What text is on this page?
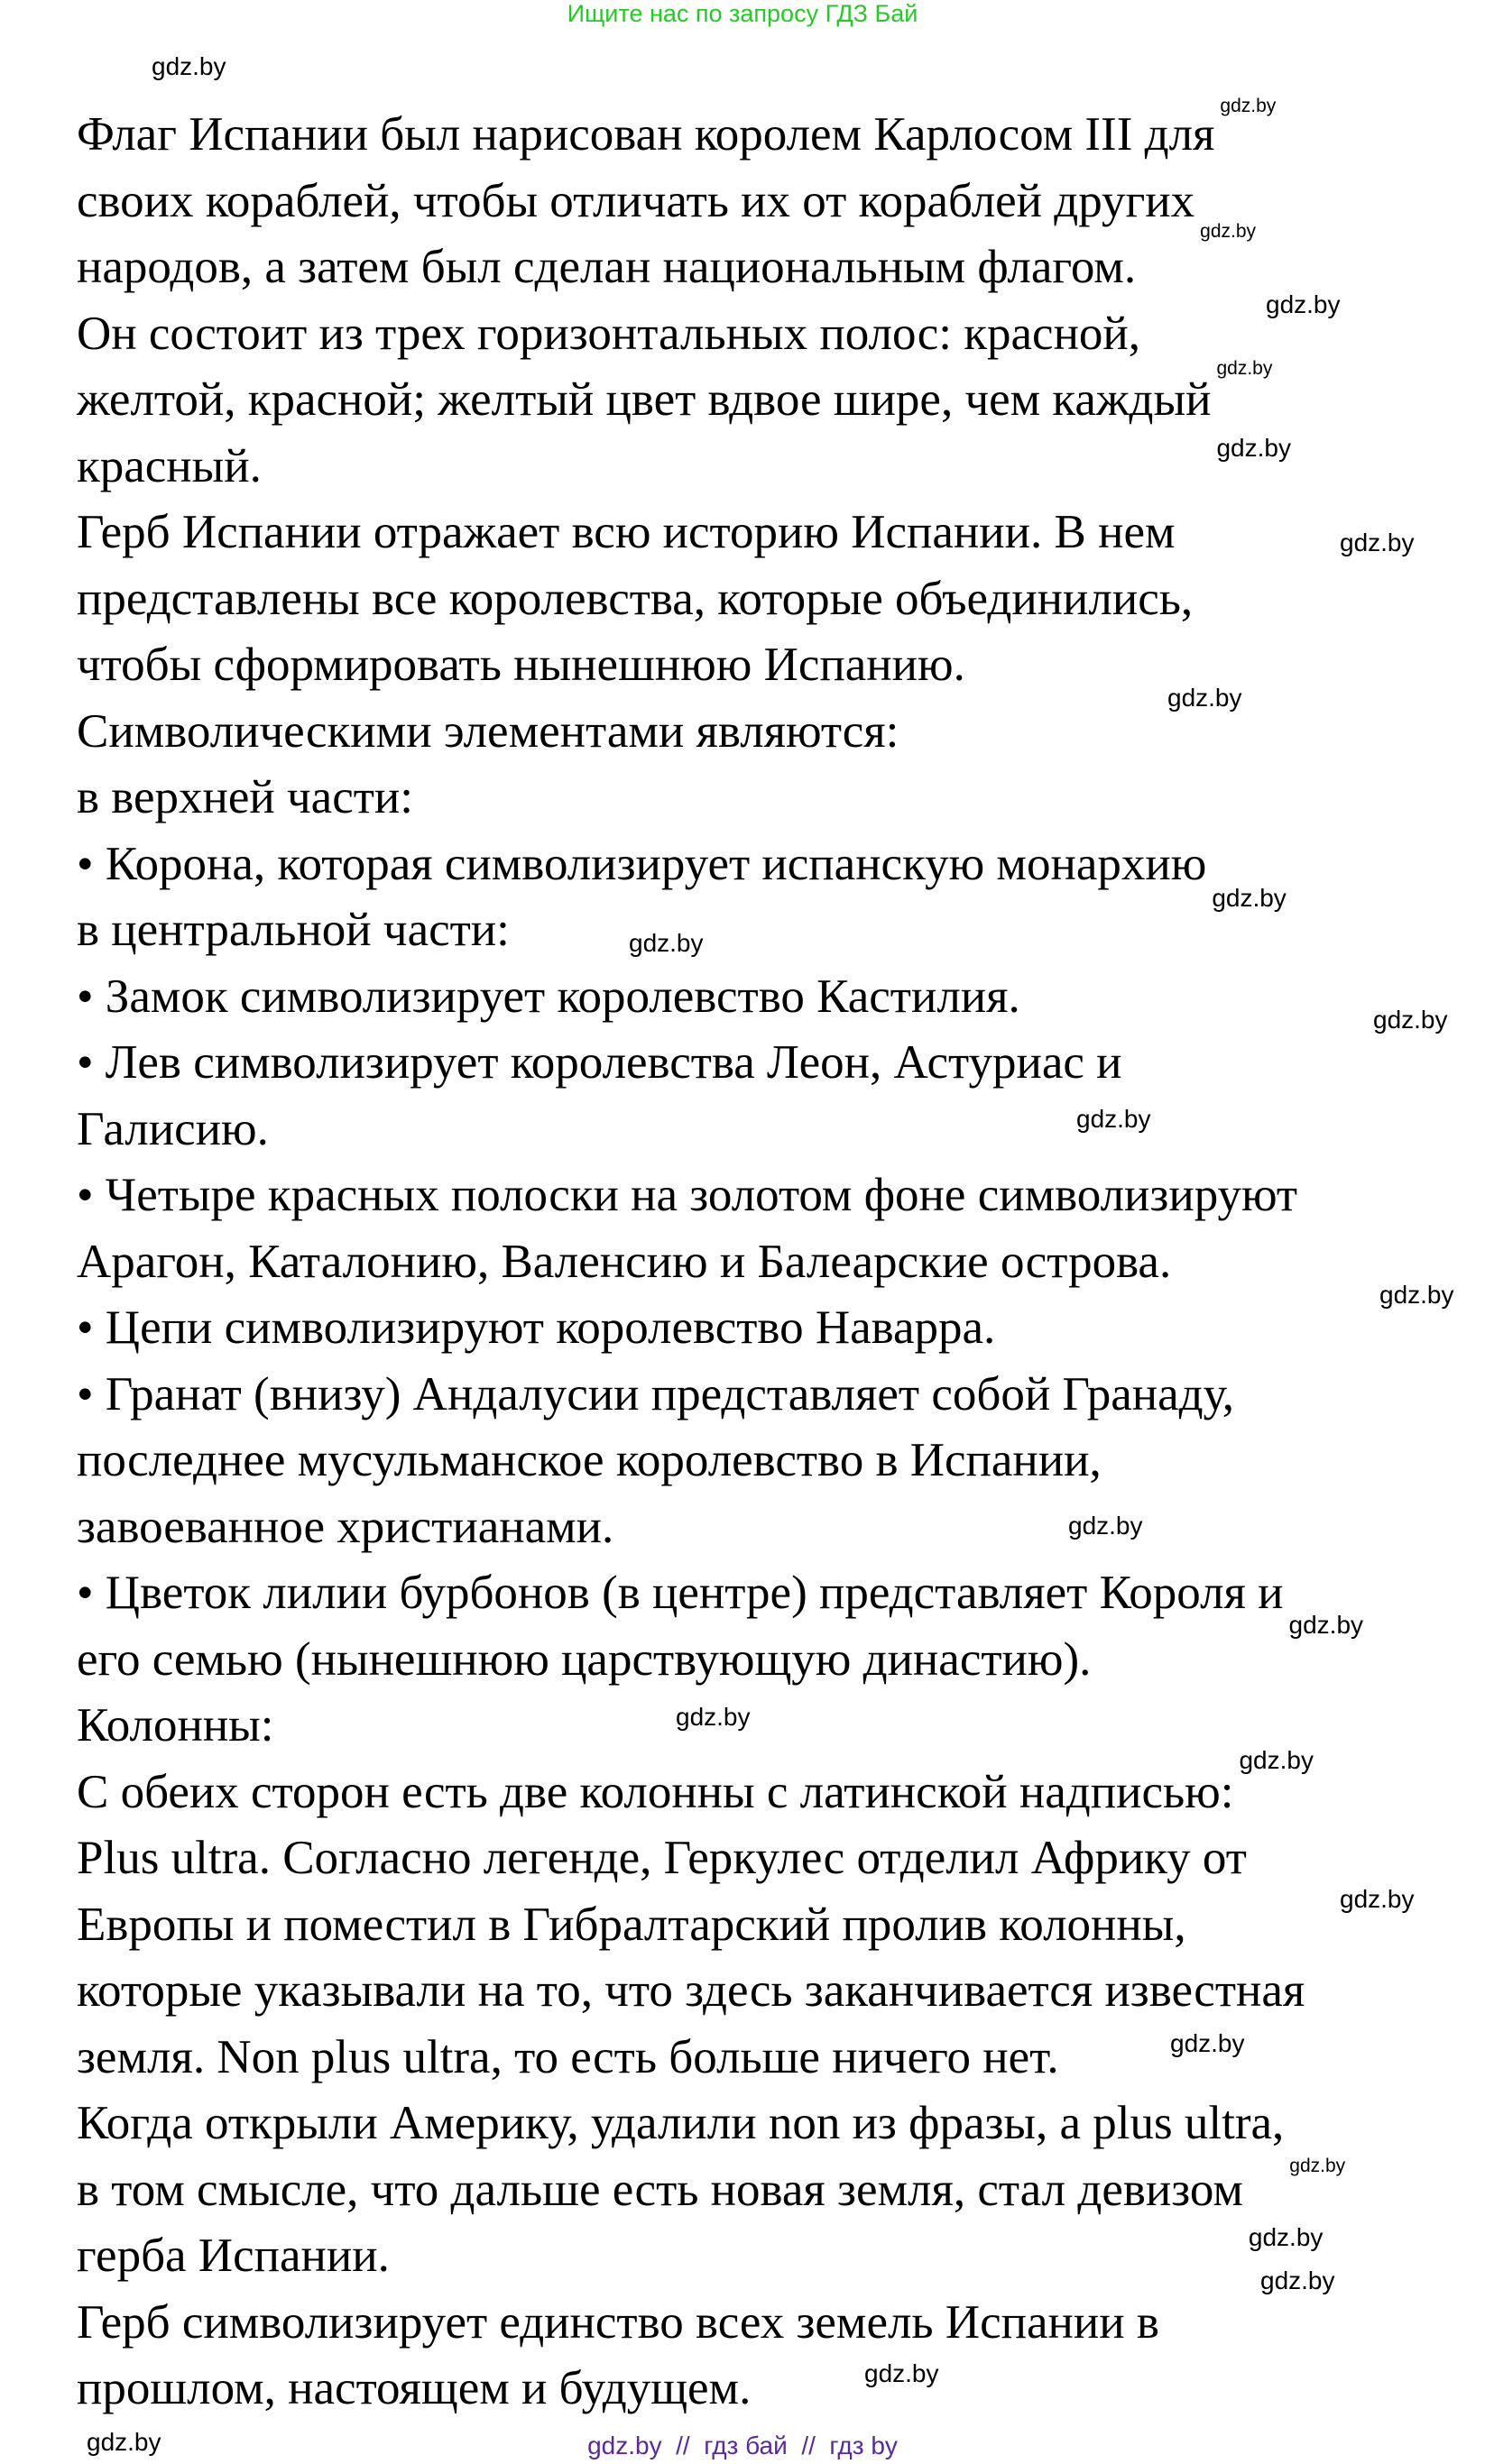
Ищите нас по запросу ГДЗ Бай
Флаг Испании был нарисован королем Карлосом III для
своих кораблей, чтобы отличать их от кораблей других
народов, а затем был сделан национальным флагом.
Он состоит из трех горизонтальных полос: красной,
желтой, красной; желтый цвет вдвое шире, чем каждый
красный.
Герб Испании отражает всю историю Испании. В нем
представлены все королевства, которые объединились,
чтобы сформировать нынешнюю Испанию.
Символическими элементами являются:
в верхней части:
• Корона, которая символизирует испанскую монархию
в центральной части:
• Замок символизирует королевство Кастилия.
• Лев символизирует королевства Леон, Астуриас и
Галисию.
• Четыре красных полоски на золотом фоне символизируют
Арагон, Каталонию, Валенсию и Балеарские острова.
• Цепи символизируют королевство Наварра.
• Гранат (внизу) Андалусии представляет собой Гранаду,
последнее мусульманское королевство в Испании,
завоеванное христианами.
• Цветок лилии бурбонов (в центре) представляет Короля и
его семью (нынешнюю царствующую династию).
Колонны:
С обеих сторон есть две колонны с латинской надписью:
Plus ultra. Согласно легенде, Геркулес отделил Африку от
Европы и поместил в Гибралтарский пролив колонны,
которые указывали на то, что здесь заканчивается известная
земля. Non plus ultra, то есть больше ничего нет.
Когда открыли Америку, удалили non из фразы, а plus ultra,
в том смысле, что дальше есть новая земля, стал девизом
герба Испании.
Герб символизирует единство всех земель Испании в
прошлом, настоящем и будущем.
gdz.by
gdz.by
gdz.by
gdz.by
gdz.by
gdz.by
gdz.by
gdz.by
gdz.by
gdz.by
gdz.by
gdz.by
gdz.by
gdz.by
gdz.by
gdz.by
gdz.by
gdz.by
gdz.by
gdz.by
gdz.by
gdz.by
gdz.by
gdz.by	gdz.by  //  гдз бай  //  гдз by
